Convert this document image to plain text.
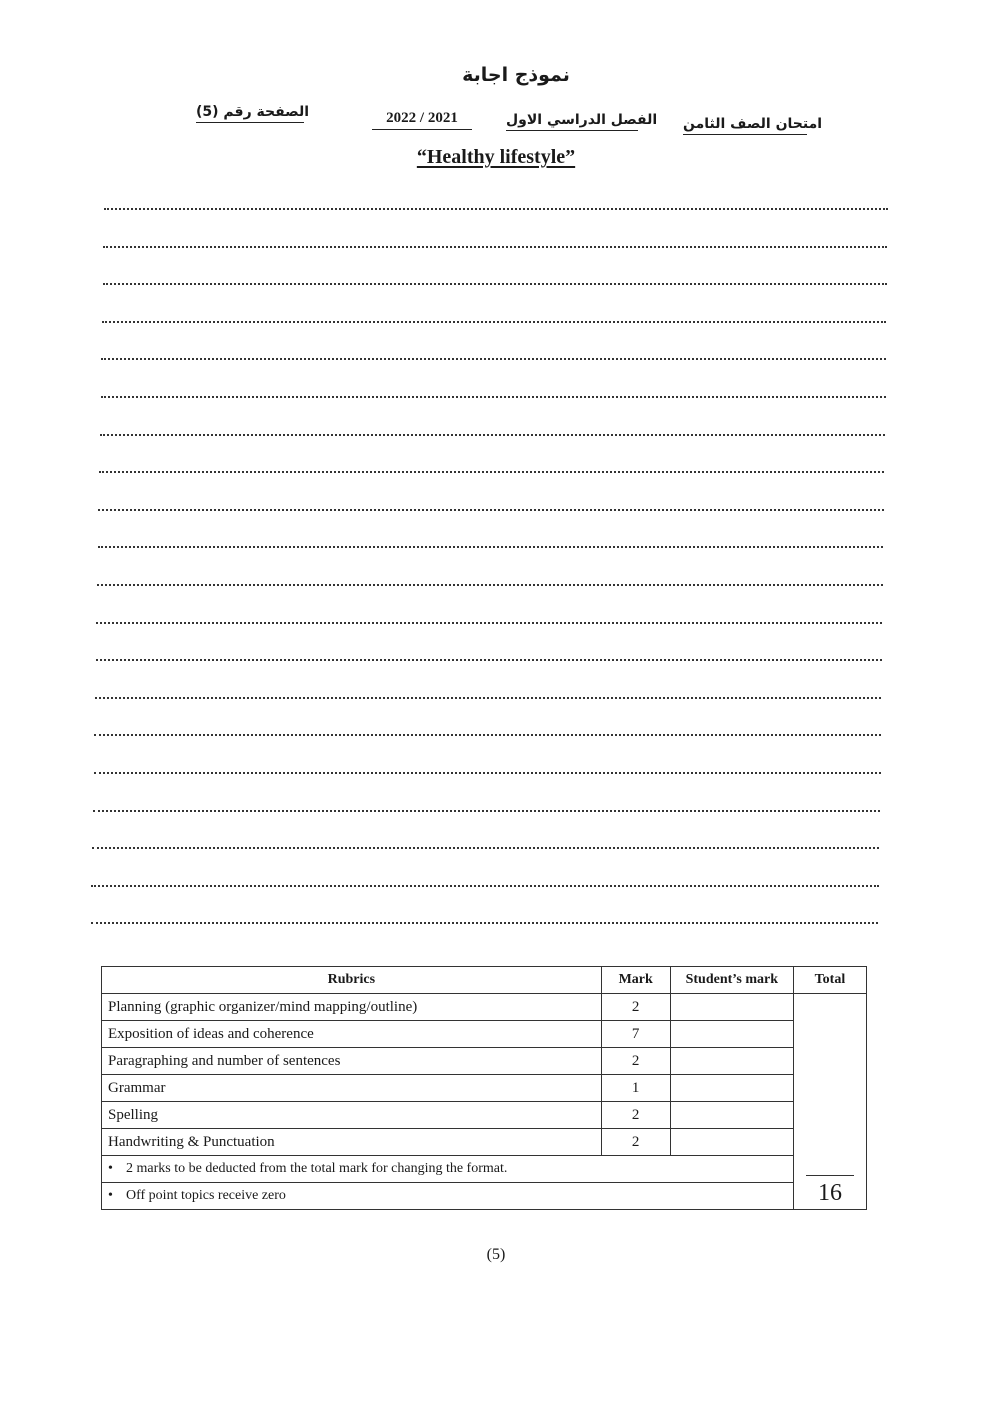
نموذج اجابة
امتحان الصف الثامن
الفصل الدراسي الاول
2022 / 2021
الصفحة رقم (5)
“Healthy lifestyle”
Rubrics	Mark	Student’s mark	Total
Planning (graphic organizer/mind mapping/outline)	2		16
Exposition of ideas and coherence	7		
Paragraphing and number of sentences	2		
Grammar	1		
Spelling	2		
Handwriting & Punctuation	2		
• 2 marks to be deducted from the total mark for changing the format.			
• Off point topics receive zero			
(5)
